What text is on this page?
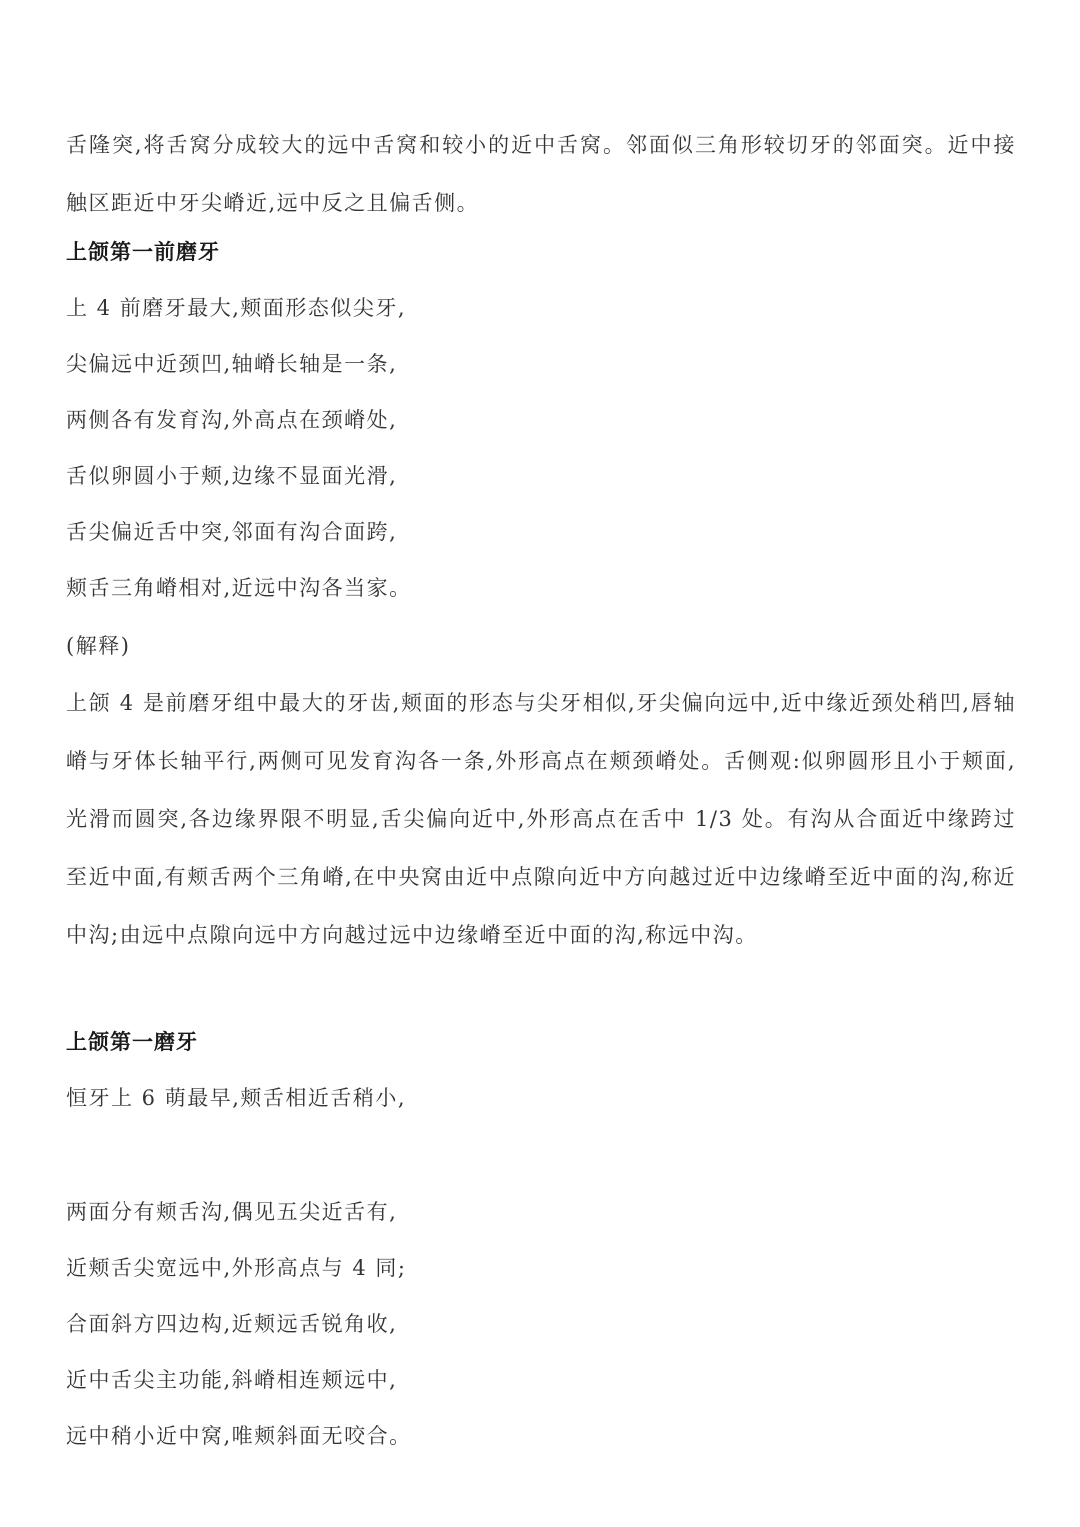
舌隆突,将舌窝分成较大的远中舌窝和较小的近中舌窝。邻面似三角形较切牙的邻面突。近中接触区距近中牙尖嵴近,远中反之且偏舌侧。
上颌第一前磨牙
上 4 前磨牙最大,颊面形态似尖牙,
尖偏远中近颈凹,轴嵴长轴是一条,
两侧各有发育沟,外高点在颈嵴处,
舌似卵圆小于颊,边缘不显面光滑,
舌尖偏近舌中突,邻面有沟合面跨,
颊舌三角嵴相对,近远中沟各当家。
(解释)
上颌 4 是前磨牙组中最大的牙齿,颊面的形态与尖牙相似,牙尖偏向远中,近中缘近颈处稍凹,唇轴嵴与牙体长轴平行,两侧可见发育沟各一条,外形高点在颊颈嵴处。舌侧观:似卵圆形且小于颊面,光滑而圆突,各边缘界限不明显,舌尖偏向近中,外形高点在舌中 1/3 处。有沟从合面近中缘跨过至近中面,有颊舌两个三角嵴,在中央窝由近中点隙向近中方向越过近中边缘嵴至近中面的沟,称近中沟;由远中点隙向远中方向越过远中边缘嵴至近中面的沟,称远中沟。
上颌第一磨牙
恒牙上 6 萌最早,颊舌相近舌稍小,
两面分有颊舌沟,偶见五尖近舌有,
近颊舌尖宽远中,外形高点与 4 同;
合面斜方四边构,近颊远舌锐角收,
近中舌尖主功能,斜嵴相连颊远中,
远中稍小近中窝,唯颊斜面无咬合。
